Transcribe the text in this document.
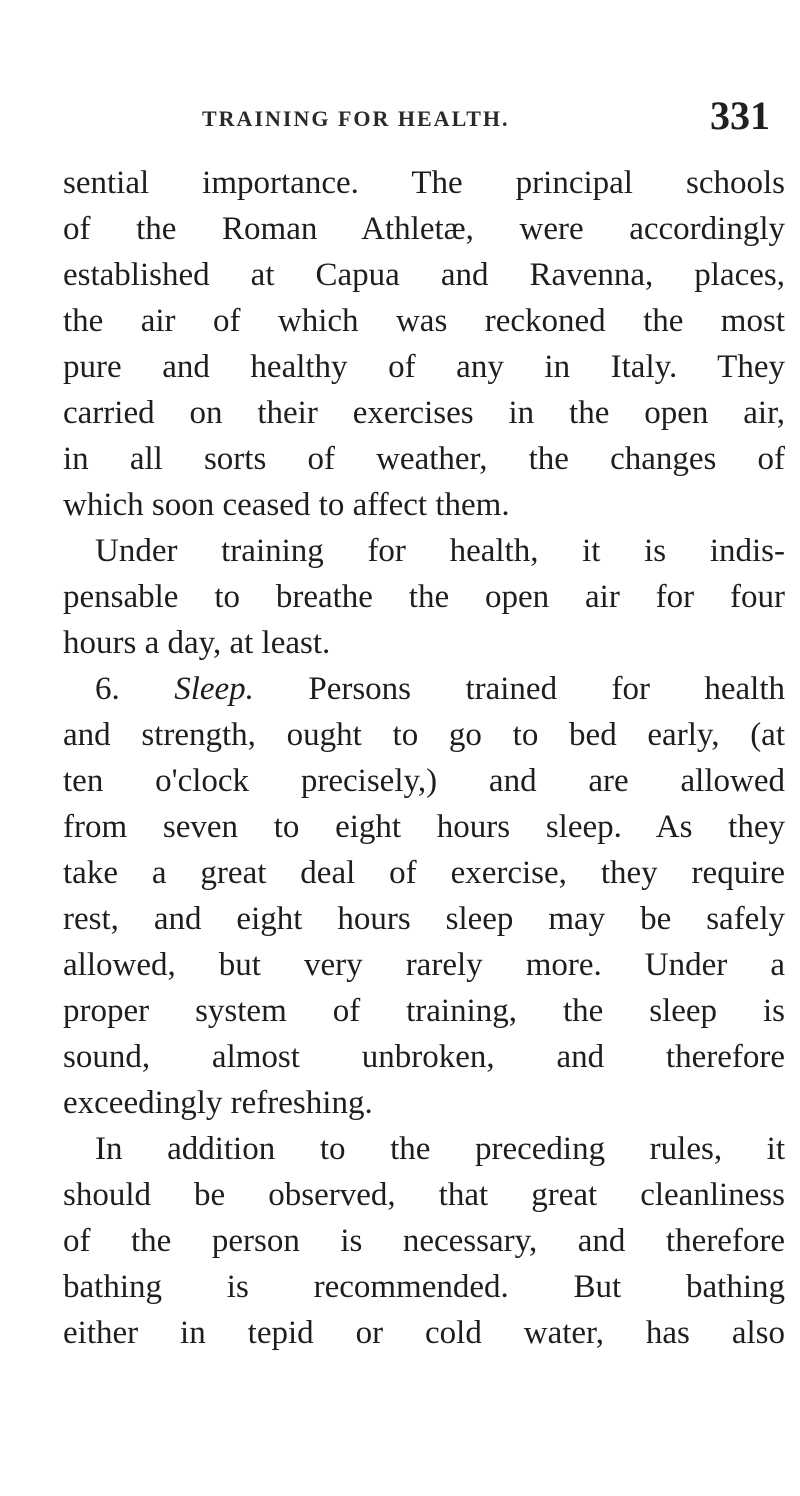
TRAINING FOR HEALTH.	331
sential importance. The principal schools
of the Roman Athletæ, were accordingly
established at Capua and Ravenna, places,
the air of which was reckoned the most
pure and healthy of any in Italy. They
carried on their exercises in the open air,
in all sorts of weather, the changes of
which soon ceased to affect them.
Under training for health, it is indis-
pensable to breathe the open air for four
hours a day, at least.
6. Sleep. Persons trained for health
and strength, ought to go to bed early, (at
ten o'clock precisely,) and are allowed
from seven to eight hours sleep. As they
take a great deal of exercise, they require
rest, and eight hours sleep may be safely
allowed, but very rarely more. Under a
proper system of training, the sleep is
sound, almost unbroken, and therefore
exceedingly refreshing.
In addition to the preceding rules, it
should be observed, that great cleanliness
of the person is necessary, and therefore
bathing is recommended. But bathing
either in tepid or cold water, has also
